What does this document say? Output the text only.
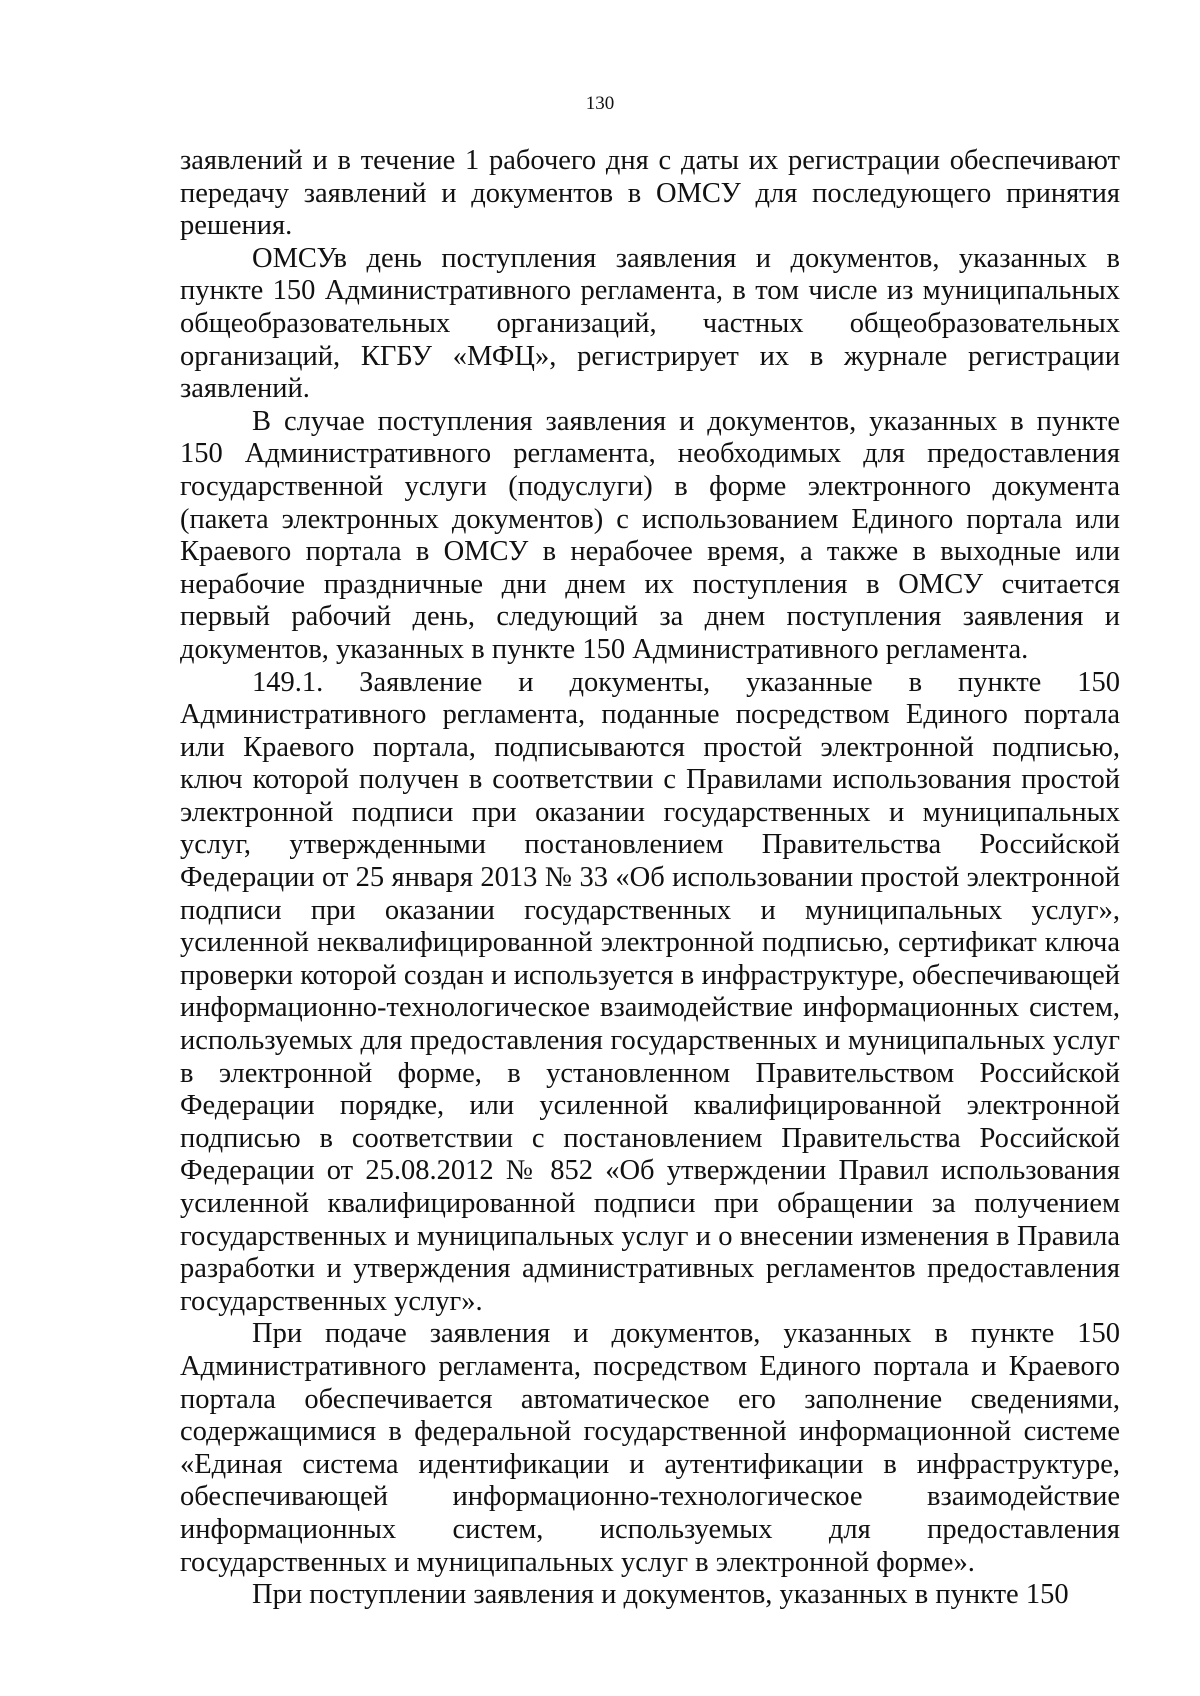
130

заявлений и в течение 1 рабочего дня с даты их регистрации обеспечивают передачу заявлений и документов в ОМСУ для последующего принятия решения.

ОМСУв день поступления заявления и документов, указанных в пункте 150 Административного регламента, в том числе из муниципальных общеобразовательных организаций, частных общеобразовательных организаций, КГБУ «МФЦ», регистрирует их в журнале регистрации заявлений.

В случае поступления заявления и документов, указанных в пункте 150 Административного регламента, необходимых для предоставления государственной услуги (подуслуги) в форме электронного документа (пакета электронных документов) с использованием Единого портала или Краевого портала в ОМСУ в нерабочее время, а также в выходные или нерабочие праздничные дни днем их поступления в ОМСУ считается первый рабочий день, следующий за днем поступления заявления и документов, указанных в пункте 150 Административного регламента.

149.1. Заявление и документы, указанные в пункте 150 Административного регламента, поданные посредством Единого портала или Краевого портала, подписываются простой электронной подписью, ключ которой получен в соответствии с Правилами использования простой электронной подписи при оказании государственных и муниципальных услуг, утвержденными постановлением Правительства Российской Федерации от 25 января 2013 № 33 «Об использовании простой электронной подписи при оказании государственных и муниципальных услуг», усиленной неквалифицированной электронной подписью, сертификат ключа проверки которой создан и используется в инфраструктуре, обеспечивающей информационно-технологическое взаимодействие информационных систем, используемых для предоставления государственных и муниципальных услуг в электронной форме, в установленном Правительством Российской Федерации порядке, или усиленной квалифицированной электронной подписью в соответствии с постановлением Правительства Российской Федерации от 25.08.2012 № 852 «Об утверждении Правил использования усиленной квалифицированной подписи при обращении за получением государственных и муниципальных услуг и о внесении изменения в Правила разработки и утверждения административных регламентов предоставления государственных услуг».

При подаче заявления и документов, указанных в пункте 150 Административного регламента, посредством Единого портала и Краевого портала обеспечивается автоматическое его заполнение сведениями, содержащимися в федеральной государственной информационной системе «Единая система идентификации и аутентификации в инфраструктуре, обеспечивающей информационно-технологическое взаимодействие информационных систем, используемых для предоставления государственных и муниципальных услуг в электронной форме».

При поступлении заявления и документов, указанных в пункте 150
